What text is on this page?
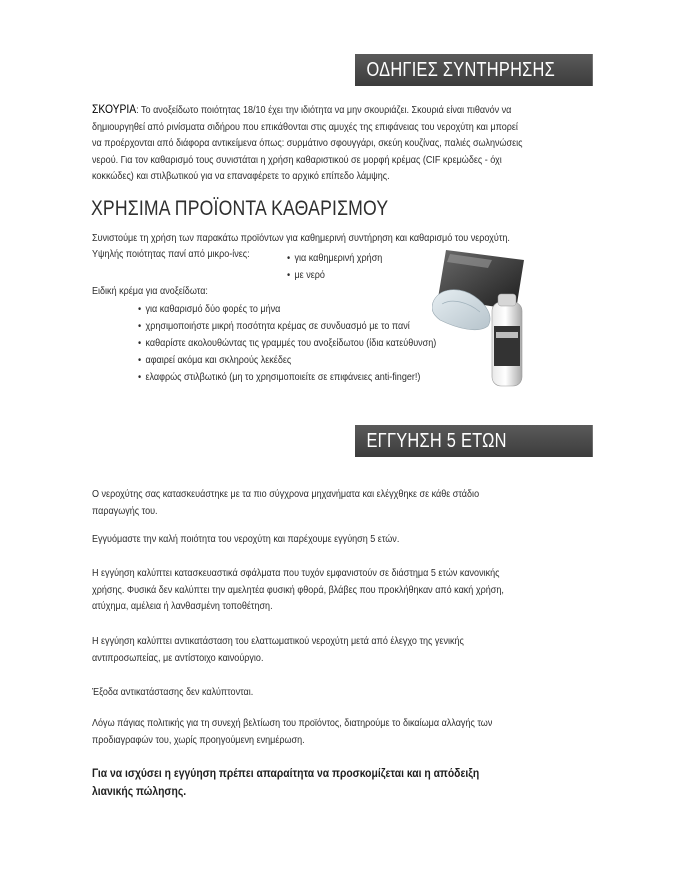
ΟΔΗΓΙΕΣ ΣΥΝΤΗΡΗΣΗΣ
ΣΚΟΥΡΙΑ: Το ανοξείδωτο ποιότητας 18/10 έχει την ιδιότητα να μην σκουριάζει. Σκουριά είναι πιθανόν να
δημιουργηθεί από ρινίσματα σιδήρου που επικάθονται στις αμυχές της επιφάνειας του νεροχύτη και μπορεί
να προέρχονται από διάφορα αντικείμενα όπως: συρμάτινο σφουγγάρι, σκεύη κουζίνας, παλιές σωληνώσεις
νερού. Για τον καθαρισμό τους συνιστάται η χρήση καθαριστικού σε μορφή κρέμας (CIF κρεμώδες - όχι
κοκκώδες) και στιλβωτικού για να επαναφέρετε το αρχικό επίπεδο λάμψης.
ΧΡΗΣΙΜΑ ΠΡΟΪΟΝΤΑ ΚΑΘΑΡΙΣΜΟΥ
Συνιστούμε τη χρήση των παρακάτω προϊόντων για καθημερινή συντήρηση και καθαρισμό του νεροχύτη.
Υψηλής ποιότητας πανί από μικρο-ίνες:
•	για καθημερινή χρήση
• με νερό
Ειδική κρέμα για ανοξείδωτα:
• για καθαρισμό δύο φορές το μήνα
• χρησιμοποιήστε μικρή ποσότητα κρέμας σε συνδυασμό με το πανί
• καθαρίστε ακολουθώντας τις γραμμές του ανοξείδωτου (ίδια κατεύθυνση)
• αφαιρεί ακόμα και σκληρούς λεκέδες
• ελαφρώς στιλβωτικό (μη το χρησιμοποιείτε σε επιφάνειες anti-finger!)
ΕΓΓΥΗΣΗ 5 ΕΤΩΝ
Ο νεροχύτης σας κατασκευάστηκε με τα πιο σύγχρονα μηχανήματα και ελέγχθηκε σε κάθε στάδιο
παραγωγής του.
Εγγυόμαστε την καλή ποιότητα του νεροχύτη και παρέχουμε εγγύηση 5 ετών.
Η εγγύηση καλύπτει κατασκευαστικά σφάλματα που τυχόν εμφανιστούν σε διάστημα 5 ετών κανονικής
χρήσης. Φυσικά δεν καλύπτει την αμελητέα φυσική φθορά, βλάβες που προκλήθηκαν από κακή χρήση,
ατύχημα, αμέλεια ή λανθασμένη τοποθέτηση.
Η εγγύηση καλύπτει αντικατάσταση του ελαττωματικού νεροχύτη μετά από έλεγχο της γενικής
αντιπροσωπείας, με αντίστοιχο καινούργιο.
Έξοδα αντικατάστασης δεν καλύπτονται.
Λόγω πάγιας πολιτικής για τη συνεχή βελτίωση του προϊόντος, διατηρούμε το δικαίωμα αλλαγής των
προδιαγραφών του, χωρίς προηγούμενη ενημέρωση.
Για να ισχύσει η εγγύηση πρέπει απαραίτητα να προσκομίζεται και η απόδειξη
λιανικής πώλησης.
